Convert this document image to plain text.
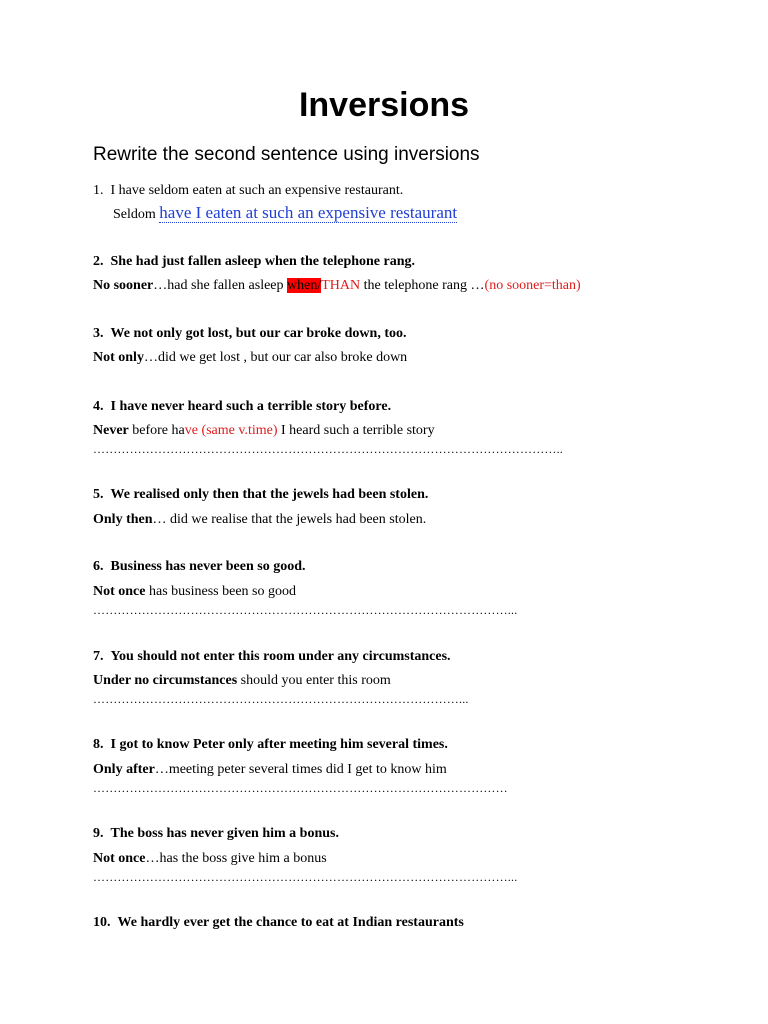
Inversions
Rewrite the second sentence using inversions
1. I have seldom eaten at such an expensive restaurant.
Seldom have I eaten at such an expensive restaurant
2. She had just fallen asleep when the telephone rang.
No sooner…had she fallen asleep when/THAN the telephone rang …(no sooner=than)
3. We not only got lost, but our car broke down, too.
Not only…did we get lost , but our car also broke down
4. I have never heard such a terrible story before.
Never before have (same v.time) I heard such a terrible story
……………………………………………………………………………………………………..
5. We realised only then that the jewels had been stolen.
Only then… did we realise that the jewels had been stolen.
6. Business has never been so good.
Not once has business been so good
…………………………………………………………………………………………...
7. You should not enter this room under any circumstances.
Under no circumstances should you enter this room
………………………………………………………………………………...
8. I got to know Peter only after meeting him several times.
Only after…meeting peter several times did I get to know him
…………………………………………………………………………………………
9. The boss has never given him a bonus.
Not once…has the boss give him a bonus
…………………………………………………………………………………………...
10. We hardly ever get the chance to eat at Indian restaurants
